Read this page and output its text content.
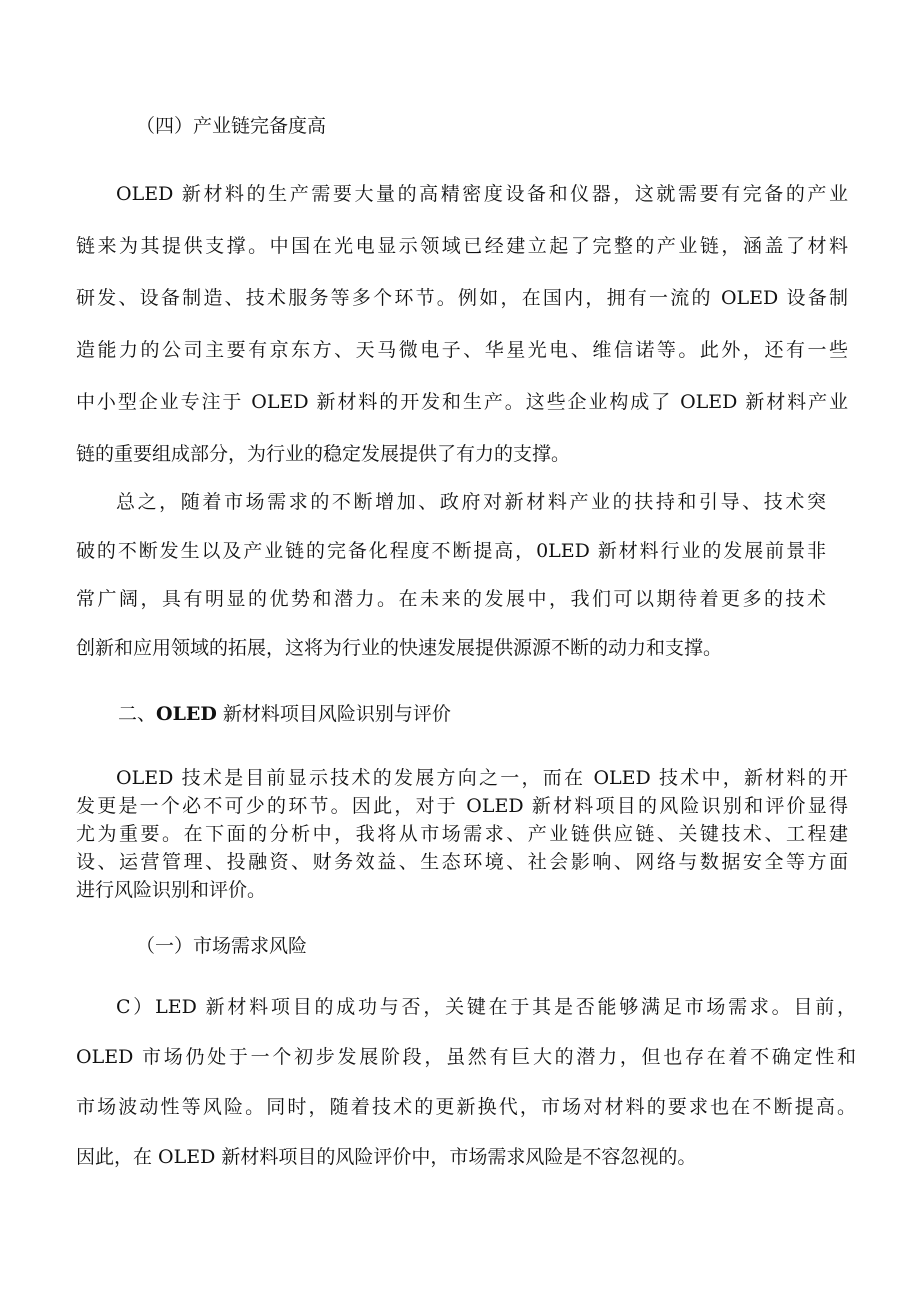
（四）产业链完备度高
OLED 新材料的生产需要大量的高精密度设备和仪器，这就需要有完备的产业
链来为其提供支撑。中国在光电显示领域已经建立起了完整的产业链，涵盖了材料
研发、设备制造、技术服务等多个环节。例如，在国内，拥有一流的 OLED 设备制
造能力的公司主要有京东方、天马微电子、华星光电、维信诺等。此外，还有一些
中小型企业专注于 OLED 新材料的开发和生产。这些企业构成了 OLED 新材料产业
链的重要组成部分，为行业的稳定发展提供了有力的支撑。
总之，随着市场需求的不断增加、政府对新材料产业的扶持和引导、技术突
破的不断发生以及产业链的完备化程度不断提高，0LED 新材料行业的发展前景非
常广阔，具有明显的优势和潜力。在未来的发展中，我们可以期待着更多的技术
创新和应用领域的拓展，这将为行业的快速发展提供源源不断的动力和支撑。
二、OLED 新材料项目风险识别与评价
OLED 技术是目前显示技术的发展方向之一，而在 OLED 技术中，新材料的开
发更是一个必不可少的环节。因此，对于 OLED 新材料项目的风险识别和评价显得
尤为重要。在下面的分析中，我将从市场需求、产业链供应链、关键技术、工程建
设、运营管理、投融资、财务效益、生态环境、社会影响、网络与数据安全等方面
进行风险识别和评价。
（一）市场需求风险
C）LED 新材料项目的成功与否，关键在于其是否能够满足市场需求。目前，
OLED 市场仍处于一个初步发展阶段，虽然有巨大的潜力，但也存在着不确定性和
市场波动性等风险。同时，随着技术的更新换代，市场对材料的要求也在不断提高。
因此，在 OLED 新材料项目的风险评价中，市场需求风险是不容忽视的。
